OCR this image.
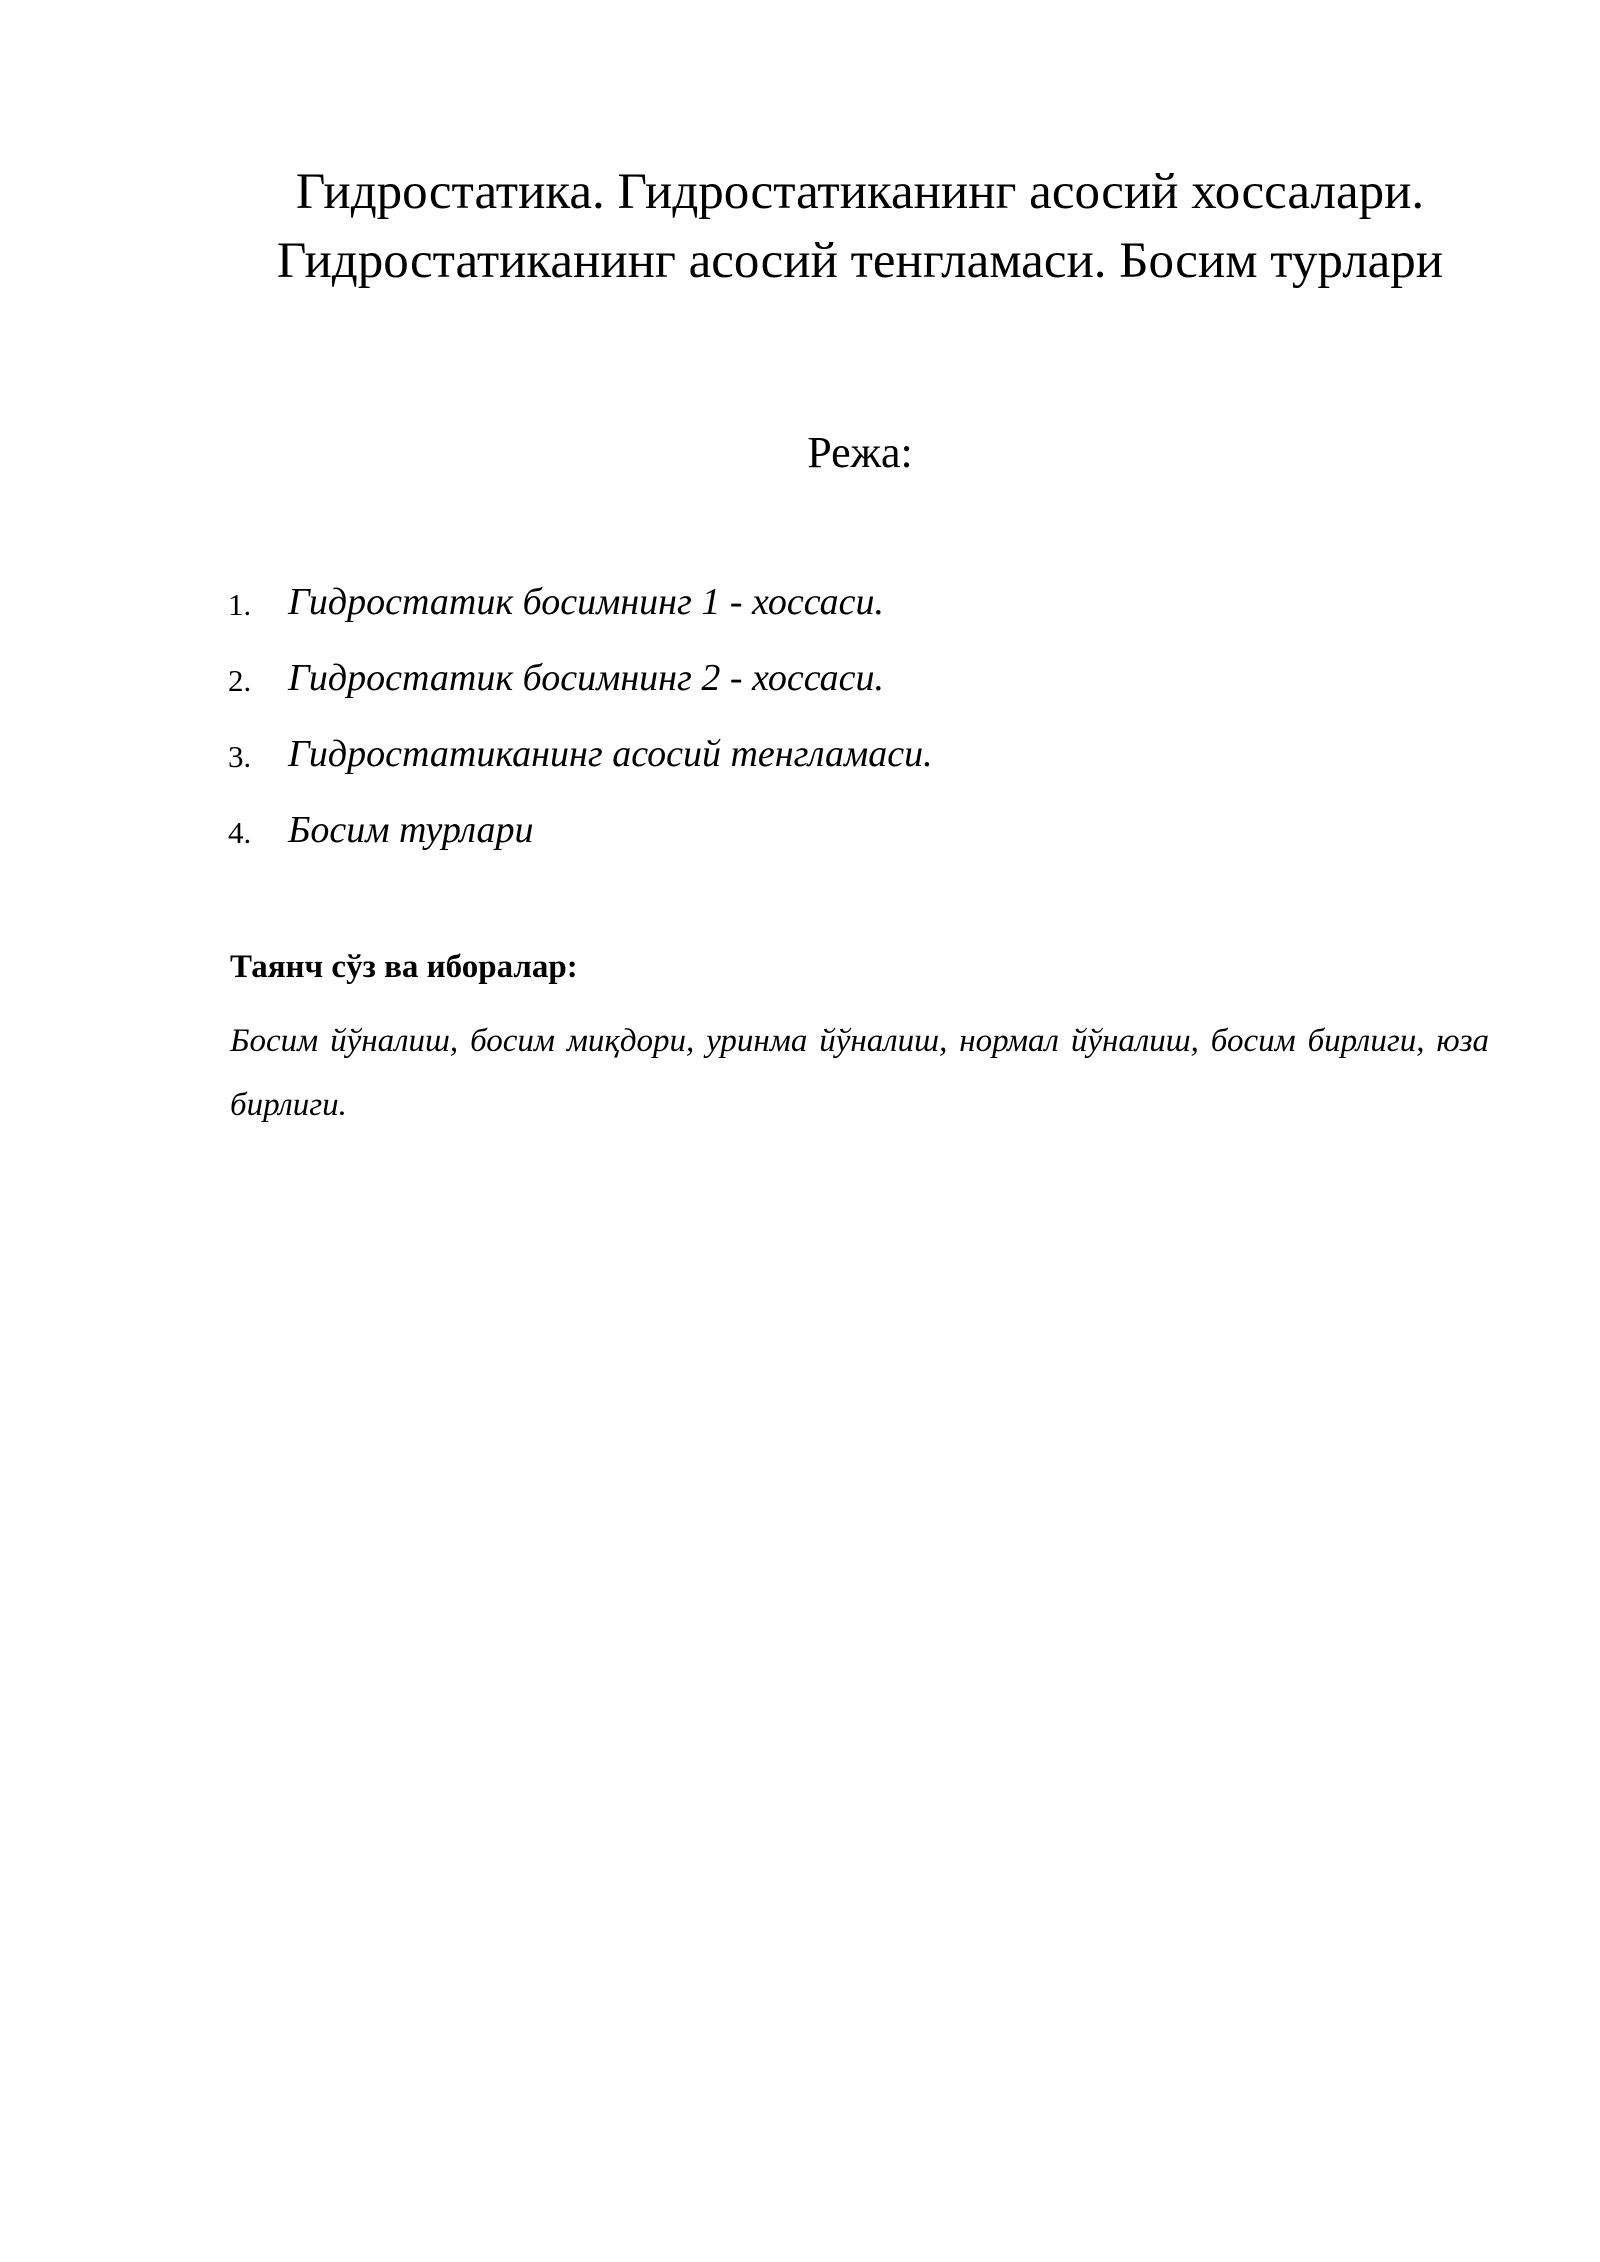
Гидростатика. Гидростатиканинг асосий хоссалари. Гидростатиканинг асосий тенгламаси. Босим турлари
Режа:
1. Гидростатик босимнинг 1 - хоссаси.
2. Гидростатик босимнинг 2 - хоссаси.
3. Гидростатиканинг асосий тенгламаси.
4. Босим турлари
Таянч сўз ва иборалар:

Босим йўналиш, босим миқдори, уринма йўналиш, нормал йўналиш, босим бирлиги, юза бирлиги.
